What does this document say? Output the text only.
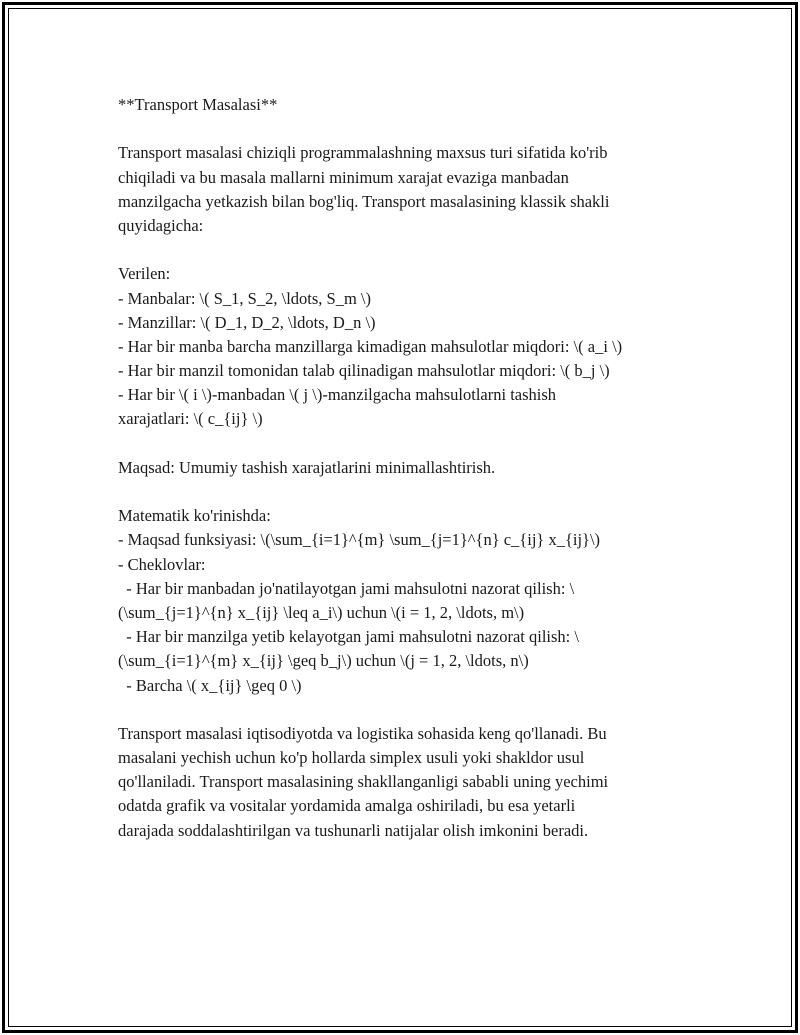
**Transport Masalasi**
Transport masalasi chiziqli programmalashning maxsus turi sifatida ko'rib
chiqiladi va bu masala mallarni minimum xarajat evaziga manbadan
manzilgacha yetkazish bilan bog'liq. Transport masalasining klassik shakli
quyidagicha:
Verilen:
- Manbalar: \( S_1, S_2, \ldots, S_m \)
- Manzillar: \( D_1, D_2, \ldots, D_n \)
- Har bir manba barcha manzillarga kimadigan mahsulotlar miqdori: \( a_i \)
- Har bir manzil tomonidan talab qilinadigan mahsulotlar miqdori: \( b_j \)
- Har bir \( i \)-manbadan \( j \)-manzilgacha mahsulotlarni tashish
xarajatlari: \( c_{ij} \)
Maqsad: Umumiy tashish xarajatlarini minimallashtirish.
Matematik ko'rinishda:
- Maqsad funksiyasi: \(\sum_{i=1}^{m} \sum_{j=1}^{n} c_{ij} x_{ij}\)
- Cheklovlar:
- Har bir manbadan jo'natilayotgan jami mahsulotni nazorat qilish: \
(\sum_{j=1}^{n} x_{ij} \leq a_i\) uchun \(i = 1, 2, \ldots, m\)
- Har bir manzilga yetib kelayotgan jami mahsulotni nazorat qilish: \
(\sum_{i=1}^{m} x_{ij} \geq b_j\) uchun \(j = 1, 2, \ldots, n\)
- Barcha \( x_{ij} \geq 0 \)
Transport masalasi iqtisodiyotda va logistika sohasida keng qo'llanadi. Bu
masalani yechish uchun ko'p hollarda simplex usuli yoki shakldor usul
qo'llaniladi. Transport masalasining shakllanganligi sababli uning yechimi
odatda grafik va vositalar yordamida amalga oshiriladi, bu esa yetarli
darajada soddalashtirilgan va tushunarli natijalar olish imkonini beradi.
